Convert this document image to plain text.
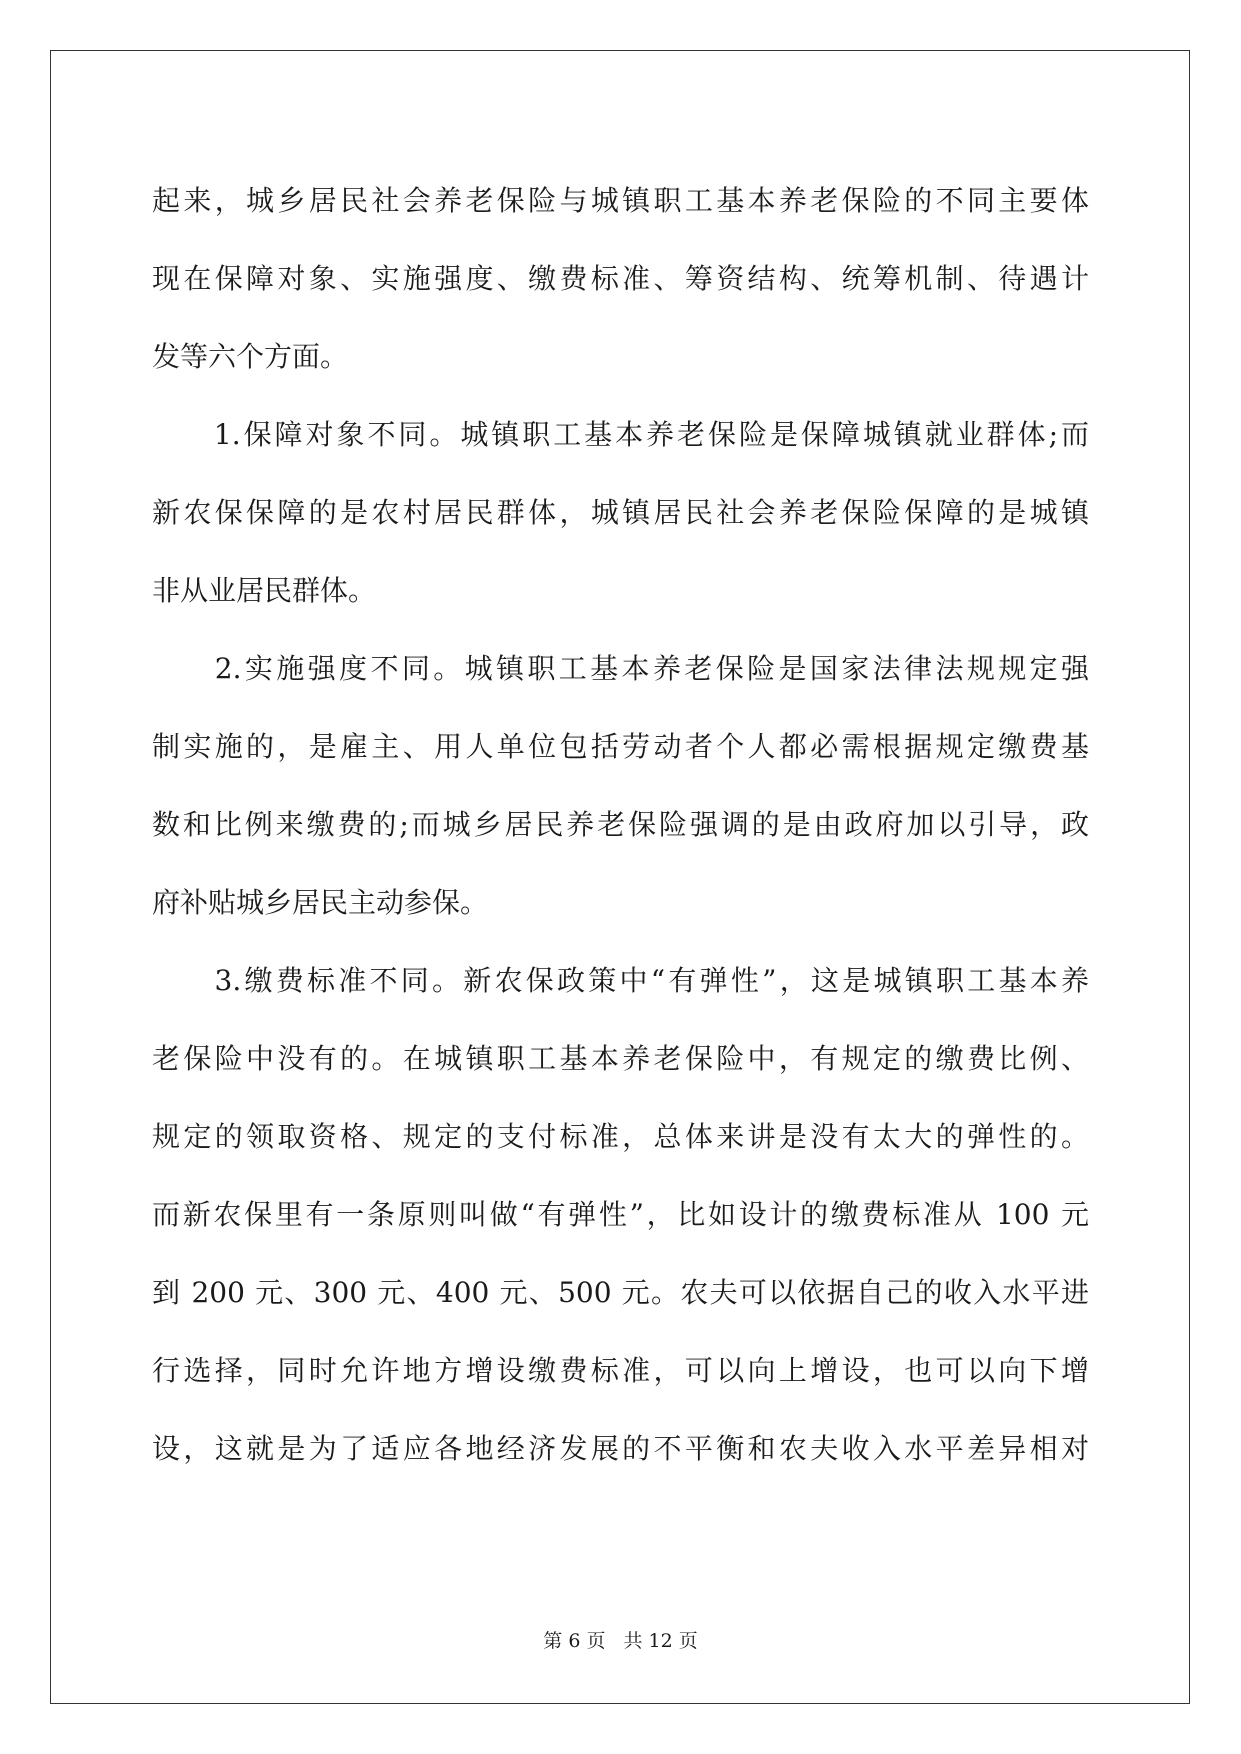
起来，城乡居民社会养老保险与城镇职工基本养老保险的不同主要体
现在保障对象、实施强度、缴费标准、筹资结构、统筹机制、待遇计
发等六个方面。
　　1.保障对象不同。城镇职工基本养老保险是保障城镇就业群体;而
新农保保障的是农村居民群体，城镇居民社会养老保险保障的是城镇
非从业居民群体。
　　2.实施强度不同。城镇职工基本养老保险是国家法律法规规定强
制实施的，是雇主、用人单位包括劳动者个人都必需根据规定缴费基
数和比例来缴费的;而城乡居民养老保险强调的是由政府加以引导，政
府补贴城乡居民主动参保。
　　3.缴费标准不同。新农保政策中“有弹性”，这是城镇职工基本养
老保险中没有的。在城镇职工基本养老保险中，有规定的缴费比例、
规定的领取资格、规定的支付标准，总体来讲是没有太大的弹性的。
而新农保里有一条原则叫做“有弹性”，比如设计的缴费标准从 100 元
到 200 元、300 元、400 元、500 元。农夫可以依据自己的收入水平进
行选择，同时允许地方增设缴费标准，可以向上增设，也可以向下增
设，这就是为了适应各地经济发展的不平衡和农夫收入水平差异相对
第 6 页 共 12 页
